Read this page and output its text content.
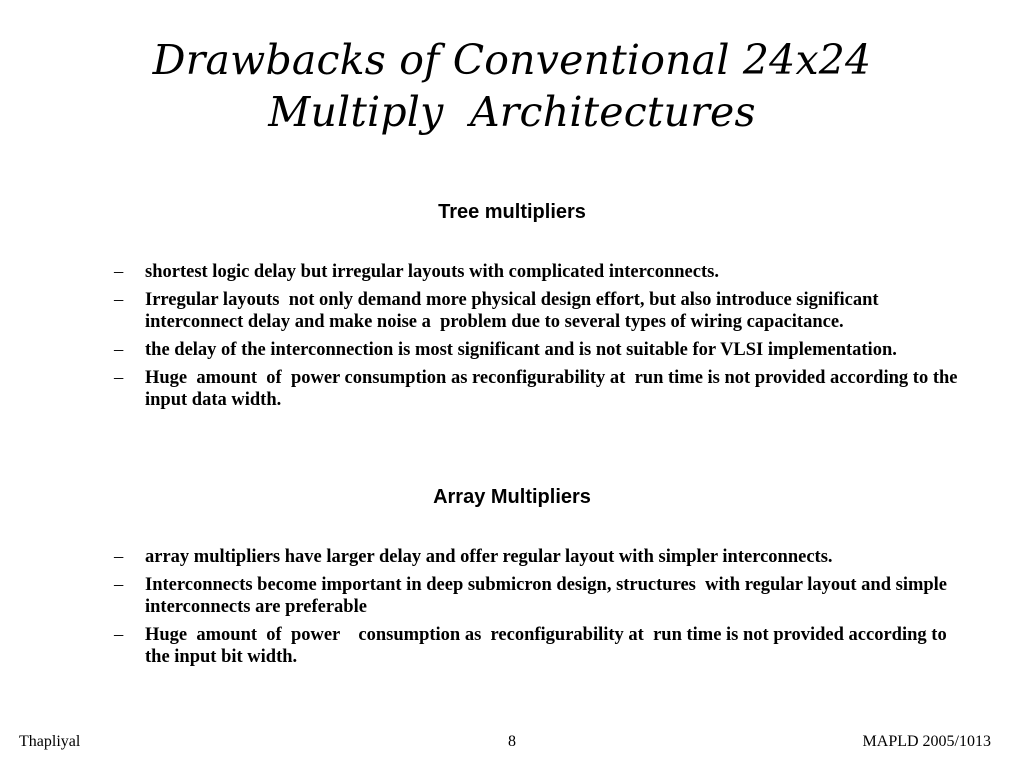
Drawbacks of Conventional 24x24
Multiply  Architectures
Tree multipliers
– shortest logic delay but irregular layouts with complicated interconnects.
– Irregular layouts  not only demand more physical design effort, but also introduce significant interconnect delay and make noise a  problem due to several types of wiring capacitance.
– the delay of the interconnection is most significant and is not suitable for VLSI implementation.
– Huge  amount  of  power consumption as reconfigurability at  run time is not provided according to the input data width.
Array Multipliers
– array multipliers have larger delay and offer regular layout with simpler interconnects.
– Interconnects become important in deep submicron design, structures  with regular layout and simple interconnects are preferable
– Huge  amount  of  power    consumption as  reconfigurability at  run time is not provided according to the input bit width.
Thapliyal	8	MAPLD 2005/1013
